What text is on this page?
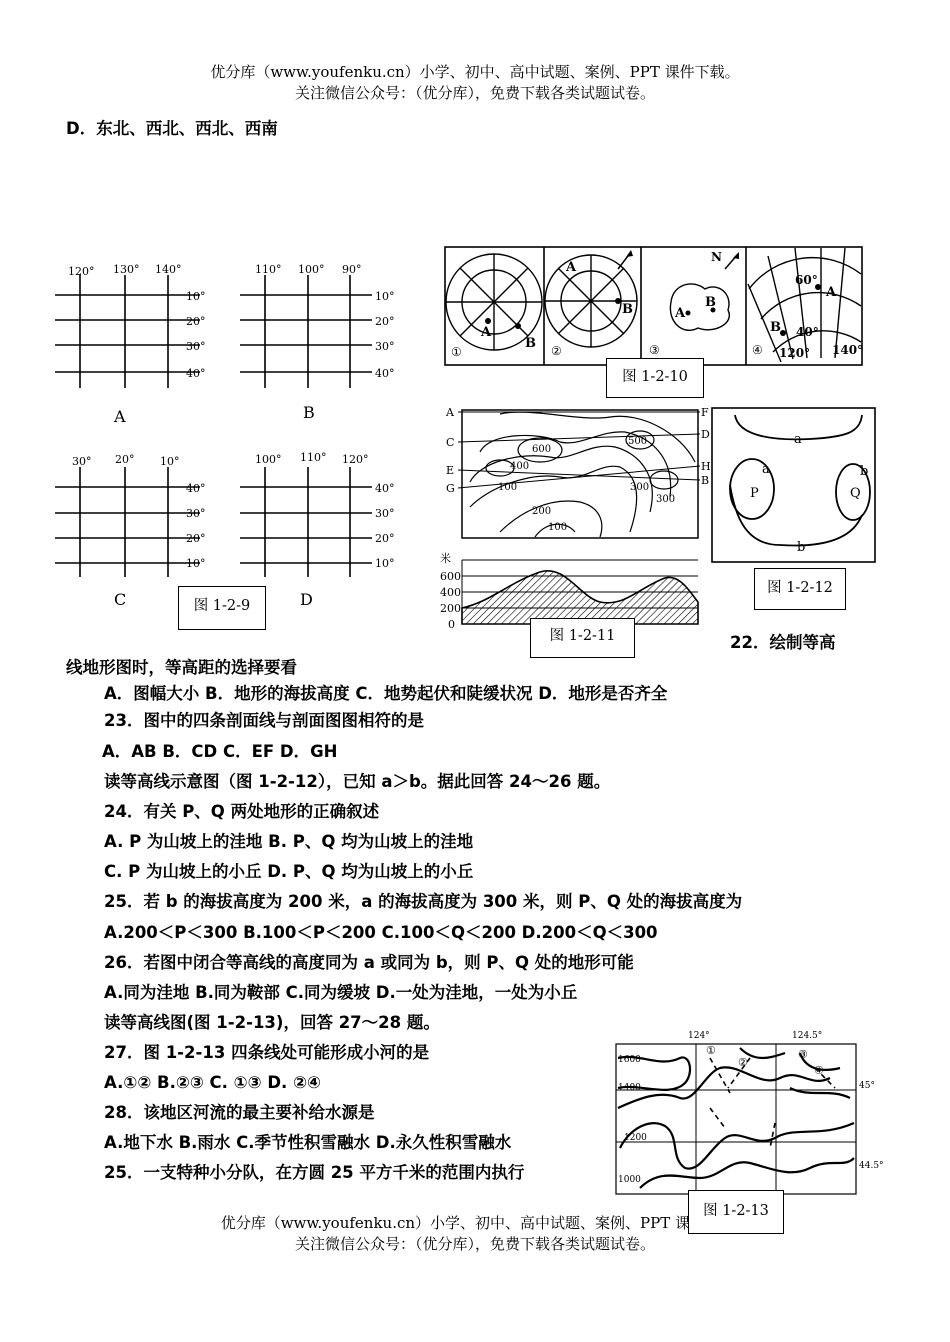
优分库（www.youfenku.cn）小学、初中、高中试题、案例、PPT 课件下载。
关注微信公众号：（优分库），免费下载各类试题试卷。
D．东北、西北、西北、西南
120° 130° 140°
10°
20°
30°
40°
110° 100° 90°
10°
20°
30°
40°
30° 20° 10°
40°
30°
20°
10°
100° 110° 120°
40°
30°
20°
10°
A	B
C	D
图 1-2-9
A
B
①
A
B
②
A
B
N
③
60°
A
B 40°
120° 140°
④
图 1-2-10
A
C
E
G
F
D
H
B
600
500
400
300
200
100
100
300
米
600
400
200
0
图 1-2-11
a
a	b
b
P	Q
图 1-2-12
22．绘制等高
线地形图时，等高距的选择要看
A．图幅大小 B．地形的海拔高度 C．地势起伏和陡缓状况 D．地形是否齐全
23．图中的四条剖面线与剖面图图相符的是
A．AB B．CD C．EF D．GH
读等高线示意图（图 1-2-12），已知 a＞b。据此回答 24～26 题。
24．有关 P、Q 两处地形的正确叙述
A. P 为山坡上的洼地 B. P、Q 均为山坡上的洼地
C. P 为山坡上的小丘 D. P、Q 均为山坡上的小丘
25．若 b 的海拔高度为 200 米，a 的海拔高度为 300 米，则 P、Q 处的海拔高度为
A.200＜P＜300 B.100＜P＜200 C.100＜Q＜200 D.200＜Q＜300
26．若图中闭合等高线的高度同为 a 或同为 b，则 P、Q 处的地形可能
A.同为洼地 B.同为鞍部 C.同为缓坡 D.一处为洼地，一处为小丘
读等高线图(图 1-2-13)，回答 27～28 题。
27．图 1-2-13 四条线处可能形成小河的是
A.①② B.②③ C. ①③ D. ②④
28．该地区河流的最主要补给水源是
A.地下水 B.雨水 C.季节性积雪融水 D.永久性积雪融水
25．一支特种小分队，在方圆 25 平方千米的范围内执行
124°	124.5°
1600
1400
1200
1000
45°
44.5°
①
②
③
④
图 1-2-13
优分库（www.youfenku.cn）小学、初中、高中试题、案例、PPT 课
关注微信公众号：（优分库），免费下载各类试题试卷。
